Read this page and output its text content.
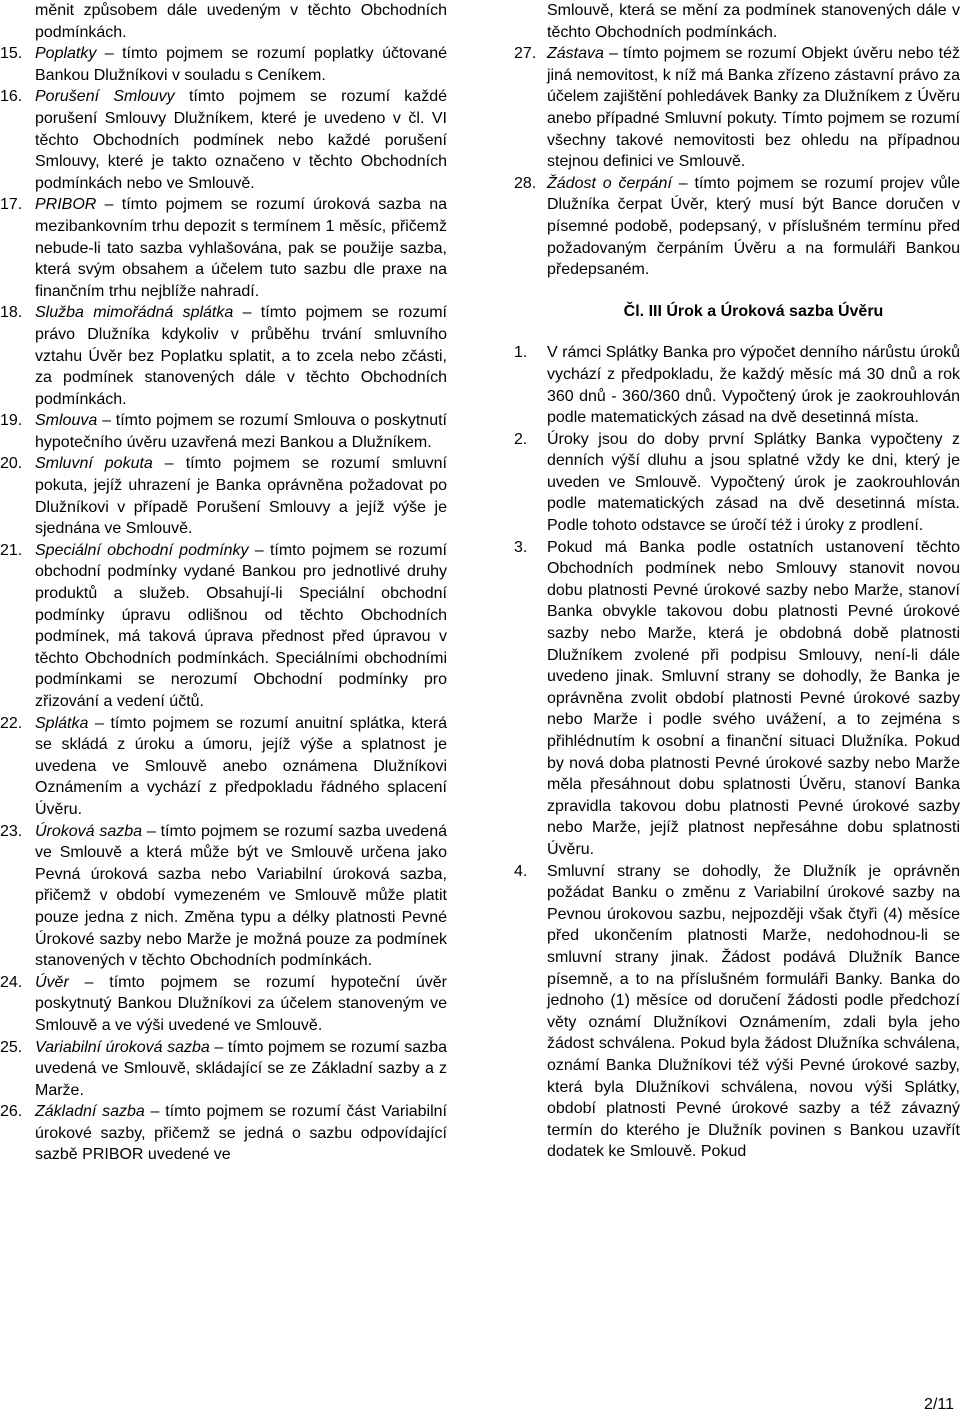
měnit způsobem dále uvedeným v těchto Obchodních podmínkách.

15. Poplatky – tímto pojmem se rozumí poplatky účtované Bankou Dlužníkovi v souladu s Ceníkem.

16. Porušení Smlouvy tímto pojmem se rozumí každé porušení Smlouvy Dlužníkem, které je uvedeno v čl. VI těchto Obchodních podmínek nebo každé porušení Smlouvy, které je takto označeno v těchto Obchodních podmínkách nebo ve Smlouvě.

17. PRIBOR – tímto pojmem se rozumí úroková sazba na mezibankovním trhu depozit s termínem 1 měsíc, přičemž nebude-li tato sazba vyhlašována, pak se použije sazba, která svým obsahem a účelem tuto sazbu dle praxe na finančním trhu nejblíže nahradí.

18. Služba mimořádná splátka – tímto pojmem se rozumí právo Dlužníka kdykoliv v průběhu trvání smluvního vztahu Úvěr bez Poplatku splatit, a to zcela nebo zčásti, za podmínek stanovených dále v těchto Obchodních podmínkách.

19. Smlouva – tímto pojmem se rozumí Smlouva o poskytnutí hypotečního úvěru uzavřená mezi Bankou a Dlužníkem.

20. Smluvní pokuta – tímto pojmem se rozumí smluvní pokuta, jejíž uhrazení je Banka oprávněna požadovat po Dlužníkovi v případě Porušení Smlouvy a jejíž výše je sjednána ve Smlouvě.

21. Speciální obchodní podmínky – tímto pojmem se rozumí obchodní podmínky vydané Bankou pro jednotlivé druhy produktů a služeb. Obsahují-li Speciální obchodní podmínky úpravu odlišnou od těchto Obchodních podmínek, má taková úprava přednost před úpravou v těchto Obchodních podmínkách. Speciálními obchodními podmínkami se nerozumí Obchodní podmínky pro zřizování a vedení účtů.

22. Splátka – tímto pojmem se rozumí anuitní splátka, která se skládá z úroku a úmoru, jejíž výše a splatnost je uvedena ve Smlouvě anebo oznámena Dlužníkovi Oznámením a vychází z předpokladu řádného splacení Úvěru.

23. Úroková sazba – tímto pojmem se rozumí sazba uvedená ve Smlouvě a která může být ve Smlouvě určena jako Pevná úroková sazba nebo Variabilní úroková sazba, přičemž v období vymezeném ve Smlouvě může platit pouze jedna z nich. Změna typu a délky platnosti Pevné Úrokové sazby nebo Marže je možná pouze za podmínek stanovených v těchto Obchodních podmínkách.

24. Úvěr – tímto pojmem se rozumí hypoteční úvěr poskytnutý Bankou Dlužníkovi za účelem stanoveným ve Smlouvě a ve výši uvedené ve Smlouvě.

25. Variabilní úroková sazba – tímto pojmem se rozumí sazba uvedená ve Smlouvě, skládající se ze Základní sazby a z Marže.

26. Základní sazba – tímto pojmem se rozumí část Variabilní úrokové sazby, přičemž se jedná o sazbu odpovídající sazbě PRIBOR uvedené ve

Smlouvě, která se mění za podmínek stanovených dále v těchto Obchodních podmínkách.

27. Zástava – tímto pojmem se rozumí Objekt úvěru nebo též jiná nemovitost, k níž má Banka zřízeno zástavní právo za účelem zajištění pohledávek Banky za Dlužníkem z Úvěru anebo případné Smluvní pokuty. Tímto pojmem se rozumí všechny takové nemovitosti bez ohledu na případnou stejnou definici ve Smlouvě.

28. Žádost o čerpání – tímto pojmem se rozumí projev vůle Dlužníka čerpat Úvěr, který musí být Bance doručen v písemné podobě, podepsaný, v příslušném termínu před požadovaným čerpáním Úvěru a na formuláři Bankou předepsaném.

Čl. III Úrok a Úroková sazba Úvěru

1. V rámci Splátky Banka pro výpočet denního nárůstu úroků vychází z předpokladu, že každý měsíc má 30 dnů a rok 360 dnů - 360/360 dnů. Vypočtený úrok je zaokrouhlován podle matematických zásad na dvě desetinná místa.

2. Úroky jsou do doby první Splátky Banka vypočteny z denních výší dluhu a jsou splatné vždy ke dni, který je uveden ve Smlouvě. Vypočtený úrok je zaokrouhlován podle matematických zásad na dvě desetinná místa. Podle tohoto odstavce se úročí též i úroky z prodlení.

3. Pokud má Banka podle ostatních ustanovení těchto Obchodních podmínek nebo Smlouvy stanovit novou dobu platnosti Pevné úrokové sazby nebo Marže, stanoví Banka obvykle takovou dobu platnosti Pevné úrokové sazby nebo Marže, která je obdobná době platnosti Dlužníkem zvolené při podpisu Smlouvy, není-li dále uvedeno jinak. Smluvní strany se dohodly, že Banka je oprávněna zvolit období platnosti Pevné úrokové sazby nebo Marže i podle svého uvážení, a to zejména s přihlédnutím k osobní a finanční situaci Dlužníka. Pokud by nová doba platnosti Pevné úrokové sazby nebo Marže měla přesáhnout dobu splatnosti Úvěru, stanoví Banka zpravidla takovou dobu platnosti Pevné úrokové sazby nebo Marže, jejíž platnost nepřesáhne dobu splatnosti Úvěru.

4. Smluvní strany se dohodly, že Dlužník je oprávněn požádat Banku o změnu z Variabilní úrokové sazby na Pevnou úrokovou sazbu, nejpozději však čtyři (4) měsíce před ukončením platnosti Marže, nedohodnou-li se smluvní strany jinak. Žádost podává Dlužník Bance písemně, a to na příslušném formuláři Banky. Banka do jednoho (1) měsíce od doručení žádosti podle předchozí věty oznámí Dlužníkovi Oznámením, zdali byla jeho žádost schválena. Pokud byla žádost Dlužníka schválena, oznámí Banka Dlužníkovi též výši Pevné úrokové sazby, která byla Dlužníkovi schválena, novou výši Splátky, období platnosti Pevné úrokové sazby a též závazný termín do kterého je Dlužník povinen s Bankou uzavřít dodatek ke Smlouvě. Pokud

2/11
